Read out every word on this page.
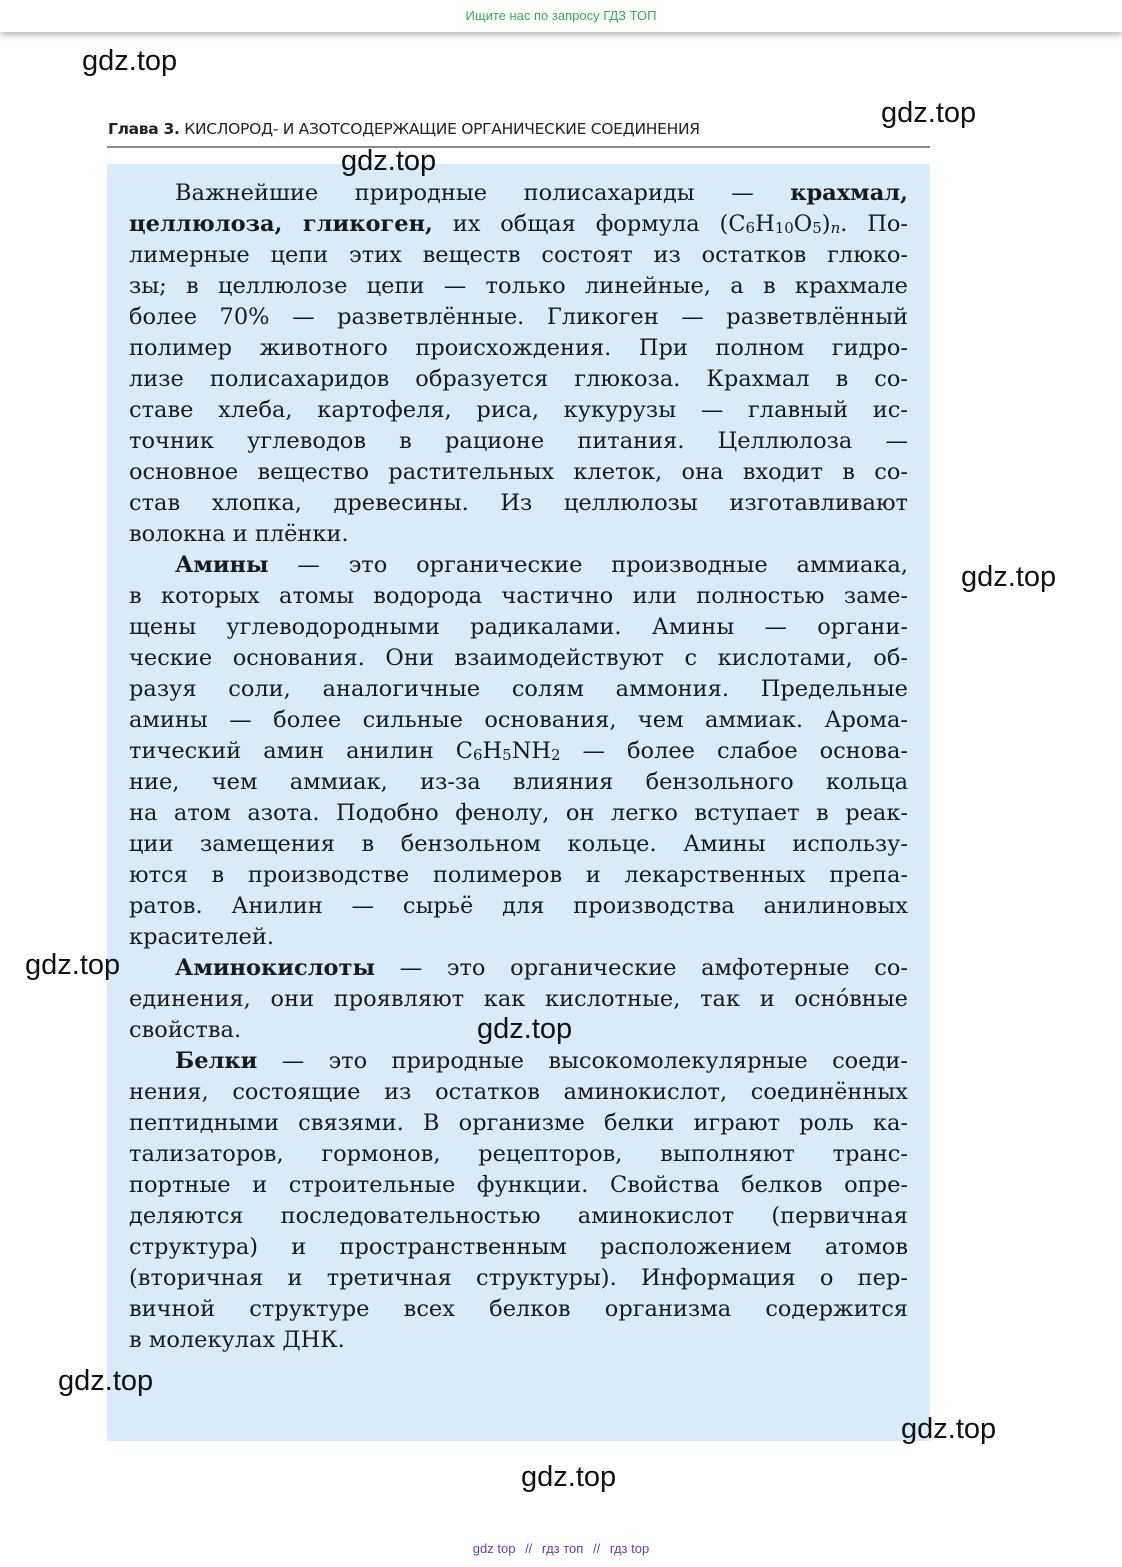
Ищите нас по запросу ГДЗ ТОП
Глава 3. КИСЛОРОД- И АЗОТСОДЕРЖАЩИЕ ОРГАНИЧЕСКИЕ СОЕДИНЕНИЯ
Важнейшие природные полисахариды — крахмал,
целлюлоза, гликоген, их общая формула $(C_6H_{10}O_5)_n$. По-
лимерные цепи этих веществ состоят из остатков глюко-
зы; в целлюлозе цепи — только линейные, а в крахмале
более 70% — разветвлённые. Гликоген — разветвлённый
полимер животного происхождения. При полном гидро-
лизе полисахаридов образуется глюкоза. Крахмал в со-
ставе хлеба, картофеля, риса, кукурузы — главный ис-
точник углеводов в рационе питания. Целлюлоза —
основное вещество растительных клеток, она входит в со-
став хлопка, древесины. Из целлюлозы изготавливают
волокна и плёнки.
Амины — это органические производные аммиака,
в которых атомы водорода частично или полностью заме-
щены углеводородными радикалами. Амины — органи-
ческие основания. Они взаимодействуют с кислотами, об-
разуя соли, аналогичные солям аммония. Предельные
амины — более сильные основания, чем аммиак. Арома-
тический амин анилин $C_6H_5NH_2$ — более слабое основа-
ние, чем аммиак, из-за влияния бензольного кольца
на атом азота. Подобно фенолу, он легко вступает в реак-
ции замещения в бензольном кольце. Амины использу-
ются в производстве полимеров и лекарственных препа-
ратов. Анилин — сырьё для производства анилиновых
красителей.
Аминокислоты — это органические амфотерные со-
единения, они проявляют как кислотные, так и оснóвные
свойства.
Белки — это природные высокомолекулярные соеди-
нения, состоящие из остатков аминокислот, соединённых
пептидными связями. В организме белки играют роль ка-
тализаторов, гормонов, рецепторов, выполняют транс-
портные и строительные функции. Свойства белков опре-
деляются последовательностью аминокислот (первичная
структура) и пространственным расположением атомов
(вторичная и третичная структуры). Информация о пер-
вичной структуре всех белков организма содержится
в молекулах ДНК.
gdz.top
gdz.top
gdz.top
gdz.top
gdz.top
gdz.top
gdz.top
gdz.top
gdz.top
gdz top // гдз топ // гдз top
